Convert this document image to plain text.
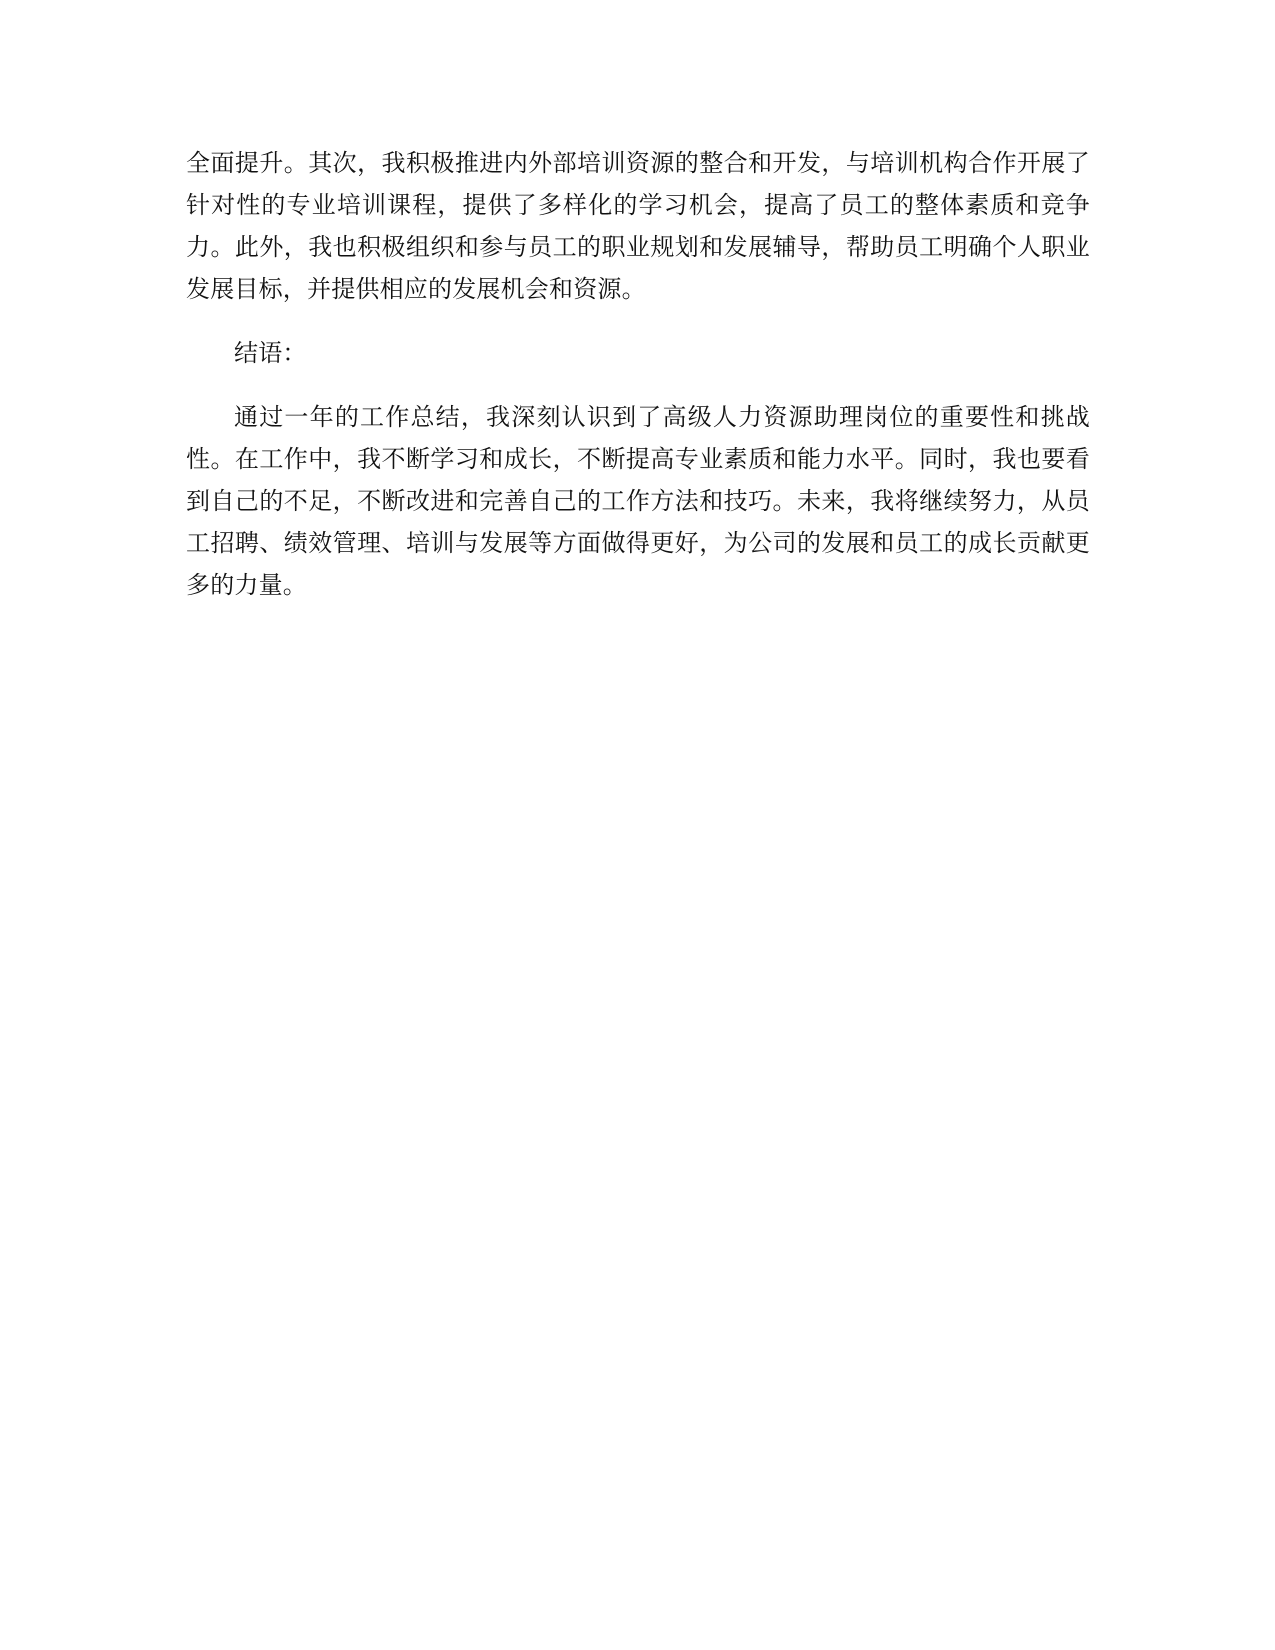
全面提升。其次，我积极推进内外部培训资源的整合和开发，与培训机构合作开展了针对性的专业培训课程，提供了多样化的学习机会，提高了员工的整体素质和竞争力。此外，我也积极组织和参与员工的职业规划和发展辅导，帮助员工明确个人职业发展目标，并提供相应的发展机会和资源。

结语：

通过一年的工作总结，我深刻认识到了高级人力资源助理岗位的重要性和挑战性。在工作中，我不断学习和成长，不断提高专业素质和能力水平。同时，我也要看到自己的不足，不断改进和完善自己的工作方法和技巧。未来，我将继续努力，从员工招聘、绩效管理、培训与发展等方面做得更好，为公司的发展和员工的成长贡献更多的力量。
